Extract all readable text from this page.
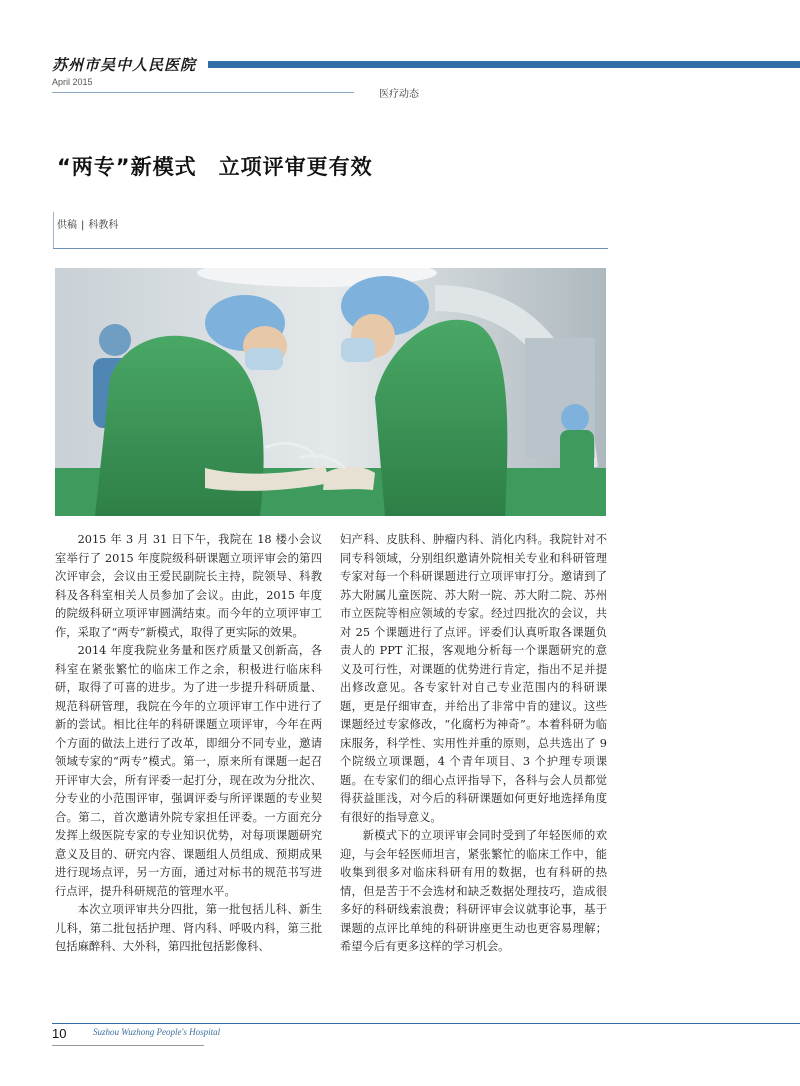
苏州市吴中人民医院
April 2015
医疗动态
“两专”新模式　立项评审更有效
供稿 | 科教科

2015 年 3 月 31 日下午，我院在 18 楼小会议室举行了 2015 年度院级科研课题立项评审会的第四次评审会，会议由王爱民副院长主持，院领导、科教科及各科室相关人员参加了会议。由此，2015 年度的院级科研立项评审圆满结束。而今年的立项评审工作，采取了“两专”新模式，取得了更实际的效果。

2014 年度我院业务量和医疗质量又创新高，各科室在紧张繁忙的临床工作之余，积极进行临床科研，取得了可喜的进步。为了进一步提升科研质量、规范科研管理，我院在今年的立项评审工作中进行了新的尝试。相比往年的科研课题立项评审，今年在两个方面的做法上进行了改革，即细分不同专业，邀请领域专家的“两专”模式。第一，原来所有课题一起召开评审大会，所有评委一起打分，现在改为分批次、分专业的小范围评审，强调评委与所评课题的专业契合。第二，首次邀请外院专家担任评委。一方面充分发挥上级医院专家的专业知识优势，对每项课题研究意义及目的、研究内容、课题组人员组成、预期成果进行现场点评，另一方面，通过对标书的规范书写进行点评，提升科研规范的管理水平。

本次立项评审共分四批，第一批包括儿科、新生儿科，第二批包括护理、肾内科、呼吸内科，第三批包括麻醉科、大外科，第四批包括影像科、

妇产科、皮肤科、肿瘤内科、消化内科。我院针对不同专科领域，分别组织邀请外院相关专业和科研管理专家对每一个科研课题进行立项评审打分。邀请到了苏大附属儿童医院、苏大附一院、苏大附二院、苏州市立医院等相应领域的专家。经过四批次的会议，共对 25 个课题进行了点评。评委们认真听取各课题负责人的 PPT 汇报，客观地分析每一个课题研究的意义及可行性，对课题的优势进行肯定，指出不足并提出修改意见。各专家针对自己专业范围内的科研课题，更是仔细审查，并给出了非常中肯的建议。这些课题经过专家修改，“化腐朽为神奇”。本着科研为临床服务，科学性、实用性并重的原则，总共选出了 9 个院级立项课题，4 个青年项目、3 个护理专项课题。在专家们的细心点评指导下，各科与会人员都觉得获益匪浅，对今后的科研课题如何更好地选择角度有很好的指导意义。

新模式下的立项评审会同时受到了年轻医师的欢迎，与会年轻医师坦言，紧张繁忙的临床工作中，能收集到很多对临床科研有用的数据，也有科研的热情，但是苦于不会选材和缺乏数据处理技巧，造成很多好的科研线索浪费；科研评审会议就事论事，基于课题的点评比单纯的科研讲座更生动也更容易理解；希望今后有更多这样的学习机会。

10	Suzhou Wuzhong People's Hospital
